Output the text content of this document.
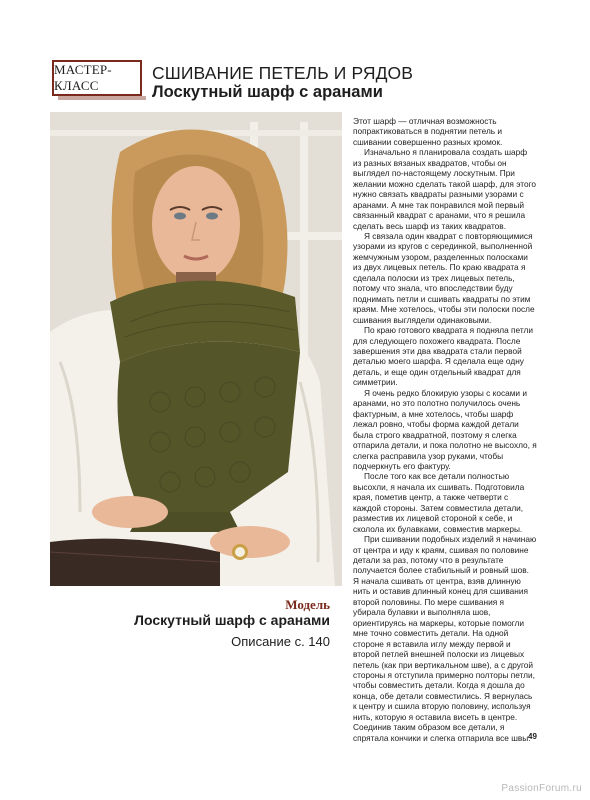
МАСТЕР-КЛАСС
СШИВАНИЕ ПЕТЕЛЬ И РЯДОВ
Лоскутный шарф с аранами
Модель
Лоскутный шарф с аранами
Описание с. 140

Этот шарф — отличная возможность попрактиковаться в поднятии петель и сшивании совершенно разных кромок.

Изначально я планировала создать шарф из разных вязаных квадратов, чтобы он выглядел по-настоящему лоскутным. При желании можно сделать такой шарф, для этого нужно связать квадраты разными узорами с аранами. А мне так понравился мой первый связанный квадрат с аранами, что я решила сделать весь шарф из таких квадратов.

Я связала один квадрат с повторяющимися узорами из кругов с серединкой, выполненной жемчужным узором, разделенных полосками из двух лицевых петель. По краю квадрата я сделала полоски из трех лицевых петель, потому что знала, что впоследствии буду поднимать петли и сшивать квадраты по этим краям. Мне хотелось, чтобы эти полоски после сшивания выглядели одинаковыми.

По краю готового квадрата я подняла петли для следующего похожего квадрата. После завершения эти два квадрата стали первой деталью моего шарфа. Я сделала еще одну деталь, и еще один отдельный квадрат для симметрии.

Я очень редко блокирую узоры с косами и аранами, но это полотно получилось очень фактурным, а мне хотелось, чтобы шарф лежал ровно, чтобы форма каждой детали была строго квадратной, поэтому я слегка отпарила детали, и пока полотно не высохло, я слегка расправила узор руками, чтобы подчеркнуть его фактуру.

После того как все детали полностью высохли, я начала их сшивать. Подготовила края, пометив центр, а также четверти с каждой стороны. Затем совместила детали, разместив их лицевой стороной к себе, и сколола их булавками, совместив маркеры.

При сшивании подобных изделий я начинаю от центра и иду к краям, сшивая по половине детали за раз, потому что в результате получается более стабильный и ровный шов. Я начала сшивать от центра, взяв длинную нить и оставив длинный конец для сшивания второй половины. По мере сшивания я убирала булавки и выполняла шов, ориентируясь на маркеры, которые помогли мне точно совместить детали. На одной стороне я вставила иглу между первой и второй петлей внешней полоски из лицевых петель (как при вертикальном шве), а с другой стороны я отступила примерно полторы петли, чтобы совместить детали. Когда я дошла до конца, обе детали совместились. Я вернулась к центру и сшила вторую половину, используя нить, которую я оставила висеть в центре. Соединив таким образом все детали, я спрятала кончики и слегка отпарила все швы.

49
PassionForum.ru
